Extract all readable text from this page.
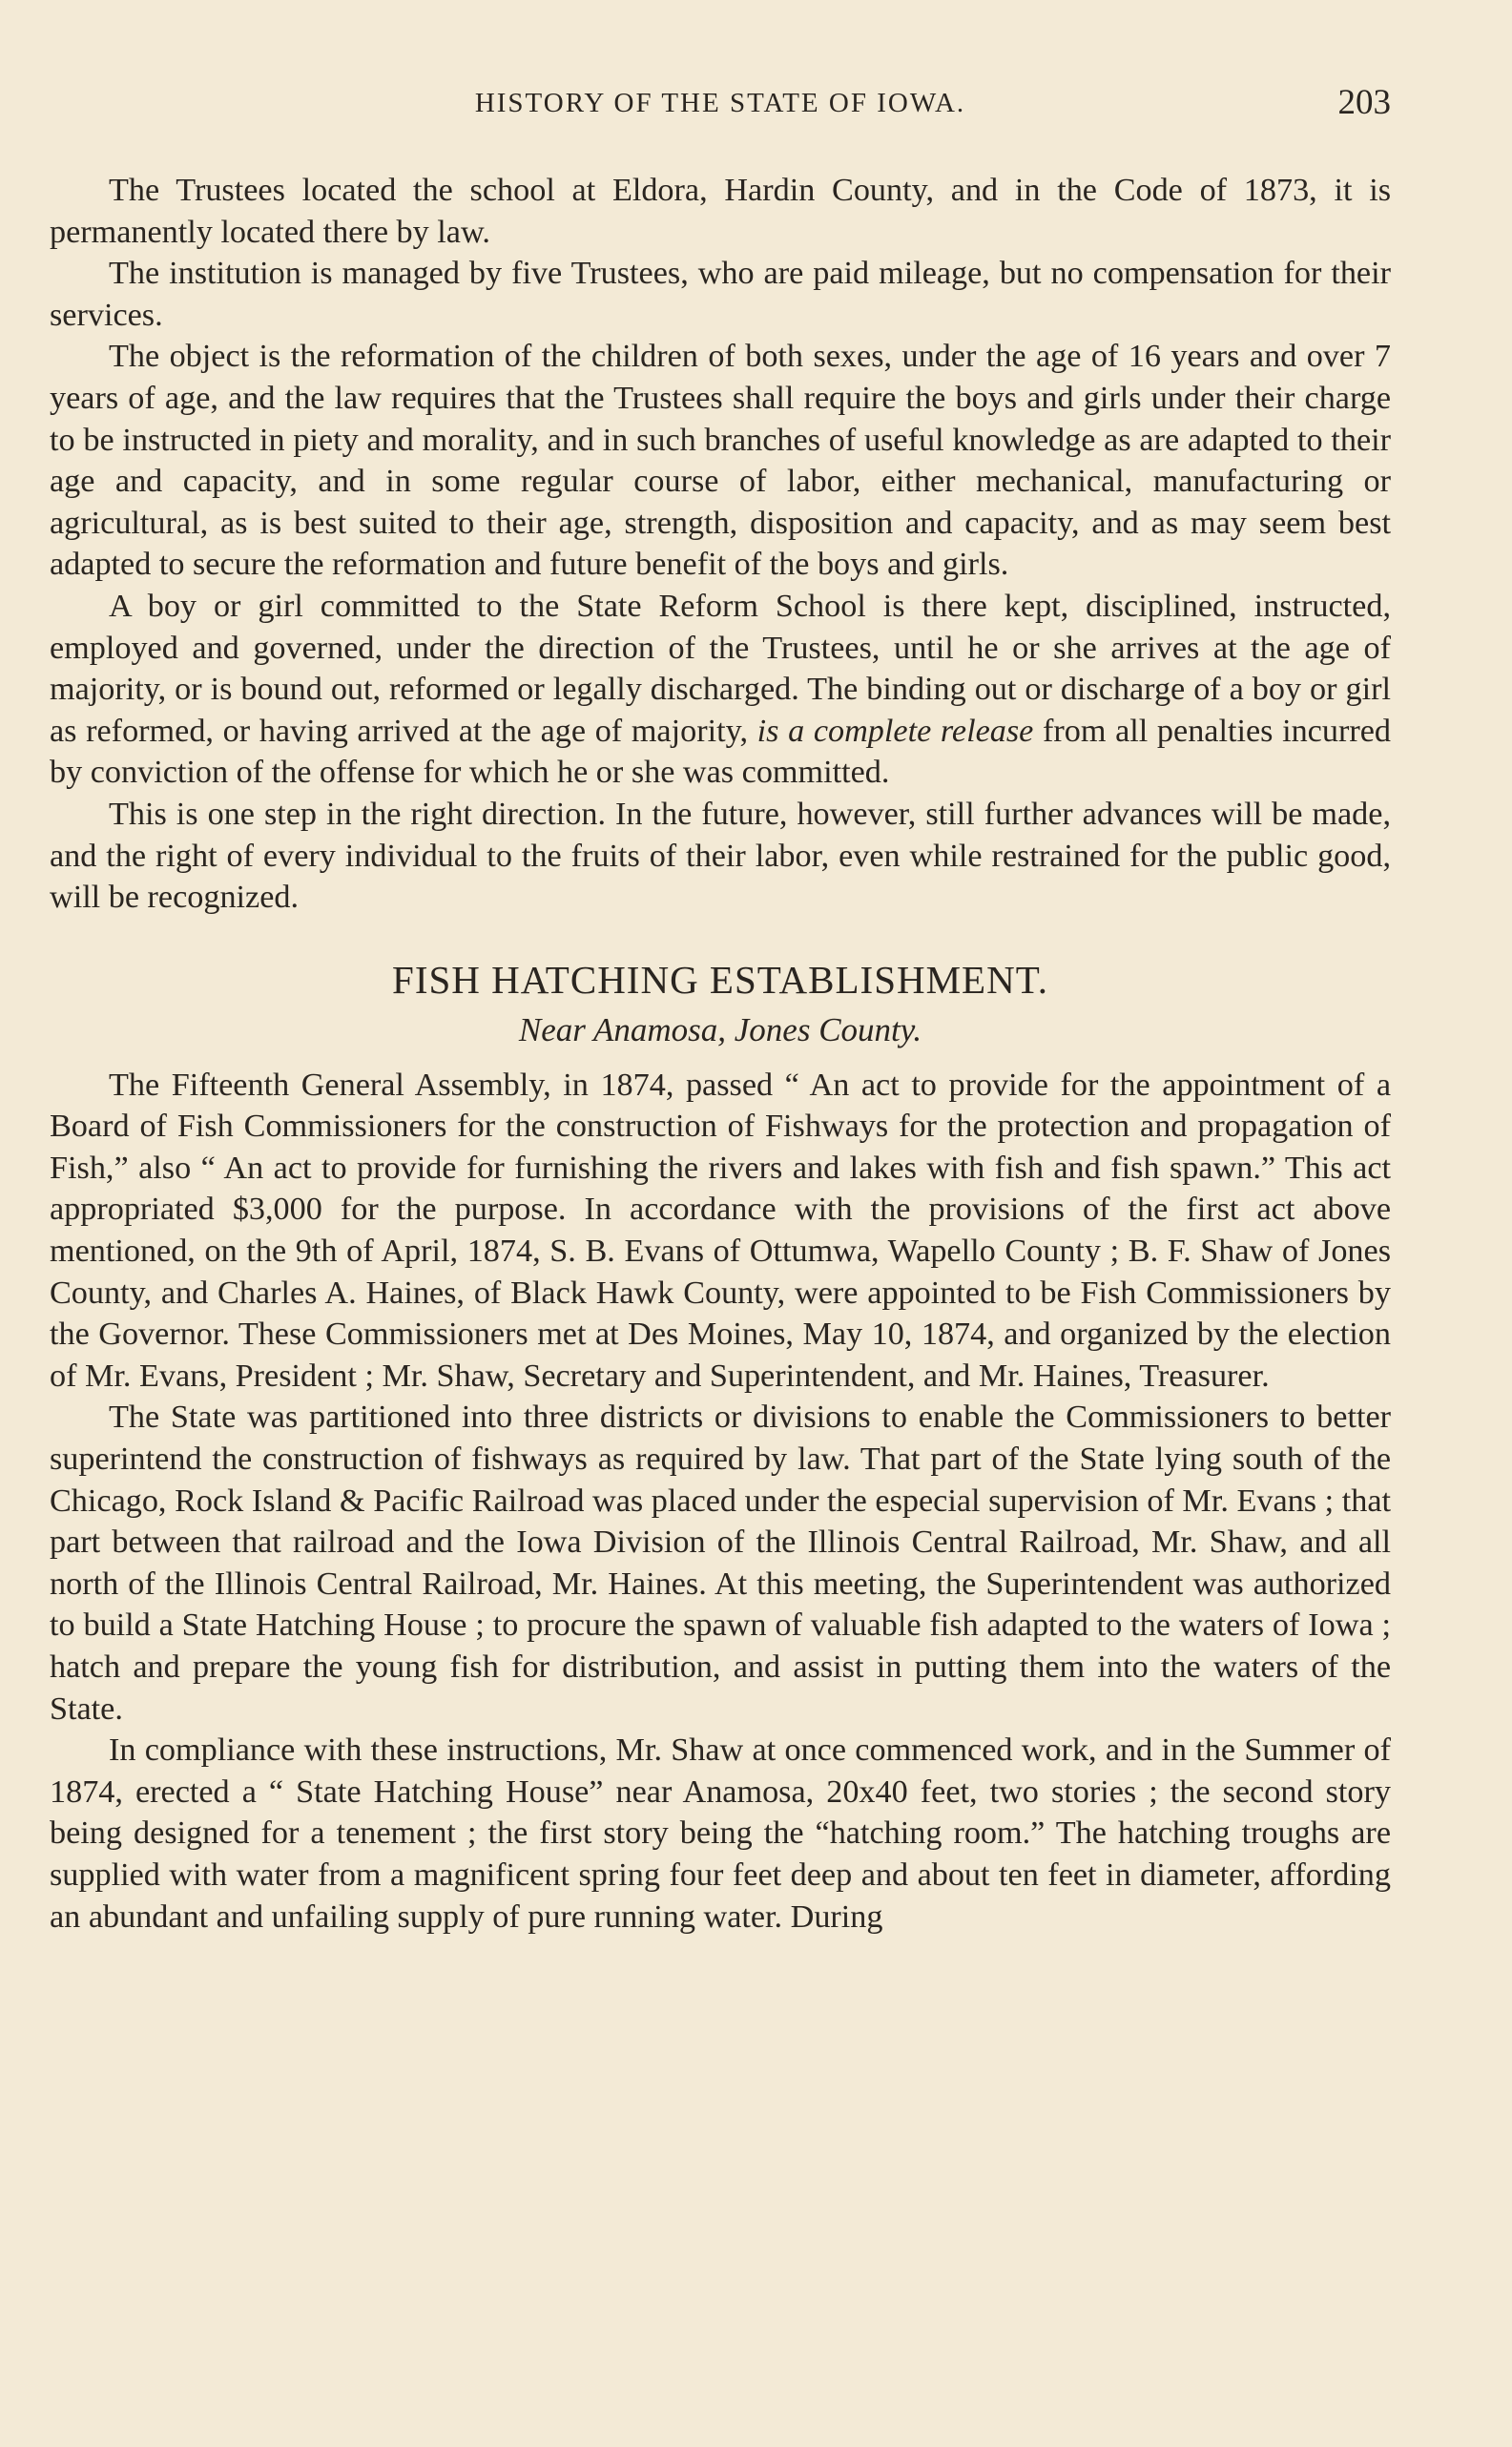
HISTORY OF THE STATE OF IOWA.	203

The Trustees located the school at Eldora, Hardin County, and in the Code of 1873, it is permanently located there by law.

The institution is managed by five Trustees, who are paid mileage, but no compensation for their services.

The object is the reformation of the children of both sexes, under the age of 16 years and over 7 years of age, and the law requires that the Trustees shall require the boys and girls under their charge to be instructed in piety and morality, and in such branches of useful knowledge as are adapted to their age and capacity, and in some regular course of labor, either mechanical, manufacturing or agricultural, as is best suited to their age, strength, disposition and capacity, and as may seem best adapted to secure the reformation and future benefit of the boys and girls.

A boy or girl committed to the State Reform School is there kept, disciplined, instructed, employed and governed, under the direction of the Trustees, until he or she arrives at the age of majority, or is bound out, reformed or legally discharged. The binding out or discharge of a boy or girl as reformed, or having arrived at the age of majority, is a complete release from all penalties incurred by conviction of the offense for which he or she was committed.

This is one step in the right direction. In the future, however, still further advances will be made, and the right of every individual to the fruits of their labor, even while restrained for the public good, will be recognized.

FISH HATCHING ESTABLISHMENT.
Near Anamosa, Jones County.

The Fifteenth General Assembly, in 1874, passed “ An act to provide for the appointment of a Board of Fish Commissioners for the construction of Fishways for the protection and propagation of Fish,” also “ An act to provide for furnishing the rivers and lakes with fish and fish spawn.” This act appropriated $3,000 for the purpose. In accordance with the provisions of the first act above mentioned, on the 9th of April, 1874, S. B. Evans of Ottumwa, Wapello County ; B. F. Shaw of Jones County, and Charles A. Haines, of Black Hawk County, were appointed to be Fish Commissioners by the Governor. These Commissioners met at Des Moines, May 10, 1874, and organized by the election of Mr. Evans, President ; Mr. Shaw, Secretary and Superintendent, and Mr. Haines, Treasurer.

The State was partitioned into three districts or divisions to enable the Commissioners to better superintend the construction of fishways as required by law. That part of the State lying south of the Chicago, Rock Island & Pacific Railroad was placed under the especial supervision of Mr. Evans ; that part between that railroad and the Iowa Division of the Illinois Central Railroad, Mr. Shaw, and all north of the Illinois Central Railroad, Mr. Haines. At this meeting, the Superintendent was authorized to build a State Hatching House ; to procure the spawn of valuable fish adapted to the waters of Iowa ; hatch and prepare the young fish for distribution, and assist in putting them into the waters of the State.

In compliance with these instructions, Mr. Shaw at once commenced work, and in the Summer of 1874, erected a “ State Hatching House” near Anamosa, 20x40 feet, two stories ; the second story being designed for a tenement ; the first story being the “hatching room.” The hatching troughs are supplied with water from a magnificent spring four feet deep and about ten feet in diameter, affording an abundant and unfailing supply of pure running water. During
